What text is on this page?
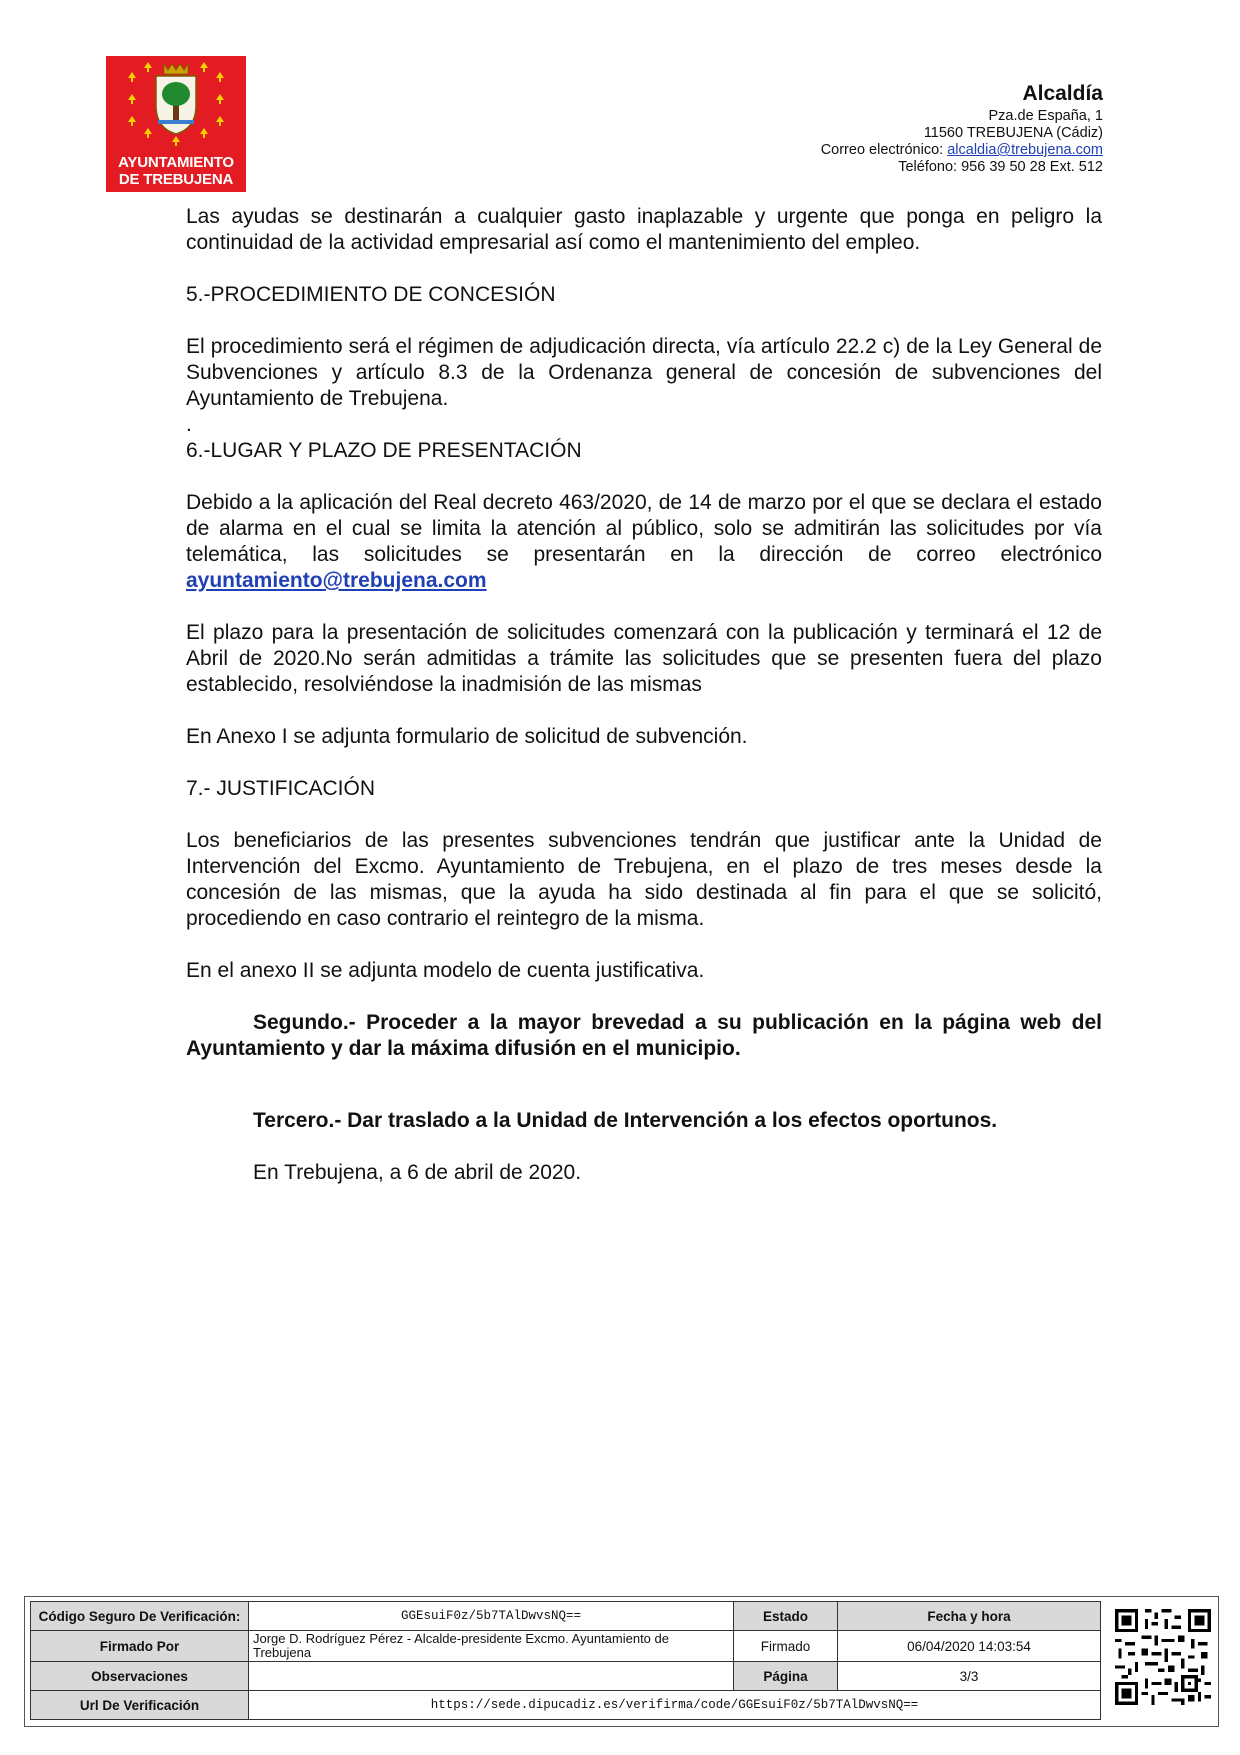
AYUNTAMIENTO
DE TREBUJENA
Alcaldía
Pza.de España, 1
11560 TREBUJENA (Cádiz)
Correo electrónico: alcaldia@trebujena.com
Teléfono: 956 39 50 28 Ext. 512

Las ayudas se destinarán a cualquier gasto inaplazable y urgente que ponga en peligro la continuidad de la actividad empresarial así como el mantenimiento del empleo.

5.-PROCEDIMIENTO DE CONCESIÓN

El procedimiento será el régimen de adjudicación directa, vía artículo 22.2 c) de la Ley General de Subvenciones y artículo 8.3 de la Ordenanza general de concesión de subvenciones del Ayuntamiento de Trebujena.

.

6.-LUGAR Y PLAZO DE PRESENTACIÓN

Debido a la aplicación del Real decreto 463/2020, de 14 de marzo por el que se declara el estado de alarma en el cual se limita la atención al público, solo se admitirán las solicitudes por vía telemática, las solicitudes se presentarán en la dirección de correo electrónico ayuntamiento@trebujena.com

El plazo para la presentación de solicitudes comenzará con la publicación y terminará el 12 de Abril de 2020.No serán admitidas a trámite las solicitudes que se presenten fuera del plazo establecido, resolviéndose la inadmisión de las mismas

En Anexo I se adjunta formulario de solicitud de subvención.

7.- JUSTIFICACIÓN

Los beneficiarios de las presentes subvenciones tendrán que justificar ante la Unidad de Intervención del Excmo. Ayuntamiento de Trebujena, en el plazo de tres meses desde la concesión de las mismas, que la ayuda ha sido destinada al fin para el que se solicitó, procediendo en caso contrario el reintegro de la misma.

En el anexo II se adjunta modelo de cuenta justificativa.

Segundo.- Proceder a la mayor brevedad a su publicación en la página web del Ayuntamiento y dar la máxima difusión en el municipio.

Tercero.- Dar traslado a la Unidad de Intervención a los efectos oportunos.

En Trebujena, a 6 de abril de 2020.

Código Seguro De Verificación:	GGEsuiF0z/5b7TAlDwvsNQ==	Estado	Fecha y hora
Firmado Por	Jorge D. Rodríguez Pérez - Alcalde-presidente Excmo. Ayuntamiento de Trebujena	Firmado	06/04/2020 14:03:54
Observaciones		Página	3/3
Url De Verificación	https://sede.dipucadiz.es/verifirma/code/GGEsuiF0z/5b7TAlDwvsNQ==		
